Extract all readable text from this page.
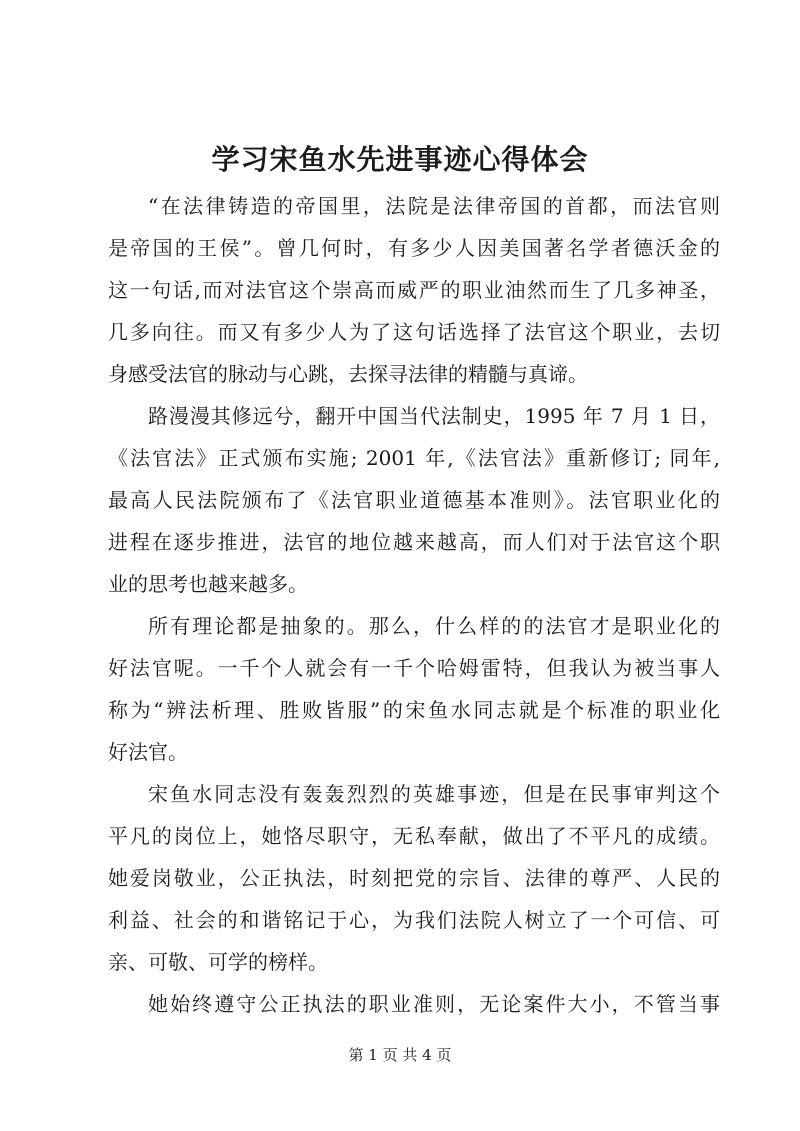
学习宋鱼水先进事迹心得体会
“在法律铸造的帝国里，法院是法律帝国的首都，而法官则
是帝国的王侯”。曾几何时，有多少人因美国著名学者德沃金的
这一句话,而对法官这个崇高而威严的职业油然而生了几多神圣，
几多向往。而又有多少人为了这句话选择了法官这个职业，去切
身感受法官的脉动与心跳，去探寻法律的精髓与真谛。
路漫漫其修远兮，翻开中国当代法制史，1995 年 7 月 1 日，
《法官法》正式颁布实施; 2001 年,《法官法》重新修订; 同年,
最高人民法院颁布了《法官职业道德基本准则》。法官职业化的
进程在逐步推进，法官的地位越来越高，而人们对于法官这个职
业的思考也越来越多。
所有理论都是抽象的。那么，什么样的的法官才是职业化的
好法官呢。一千个人就会有一千个哈姆雷特，但我认为被当事人
称为“辨法析理、胜败皆服”的宋鱼水同志就是个标准的职业化
好法官。
宋鱼水同志没有轰轰烈烈的英雄事迹，但是在民事审判这个
平凡的岗位上，她恪尽职守，无私奉献，做出了不平凡的成绩。
她爱岗敬业，公正执法，时刻把党的宗旨、法律的尊严、人民的
利益、社会的和谐铭记于心，为我们法院人树立了一个可信、可
亲、可敬、可学的榜样。
她始终遵守公正执法的职业准则，无论案件大小，不管当事
第 1 页 共 4 页
